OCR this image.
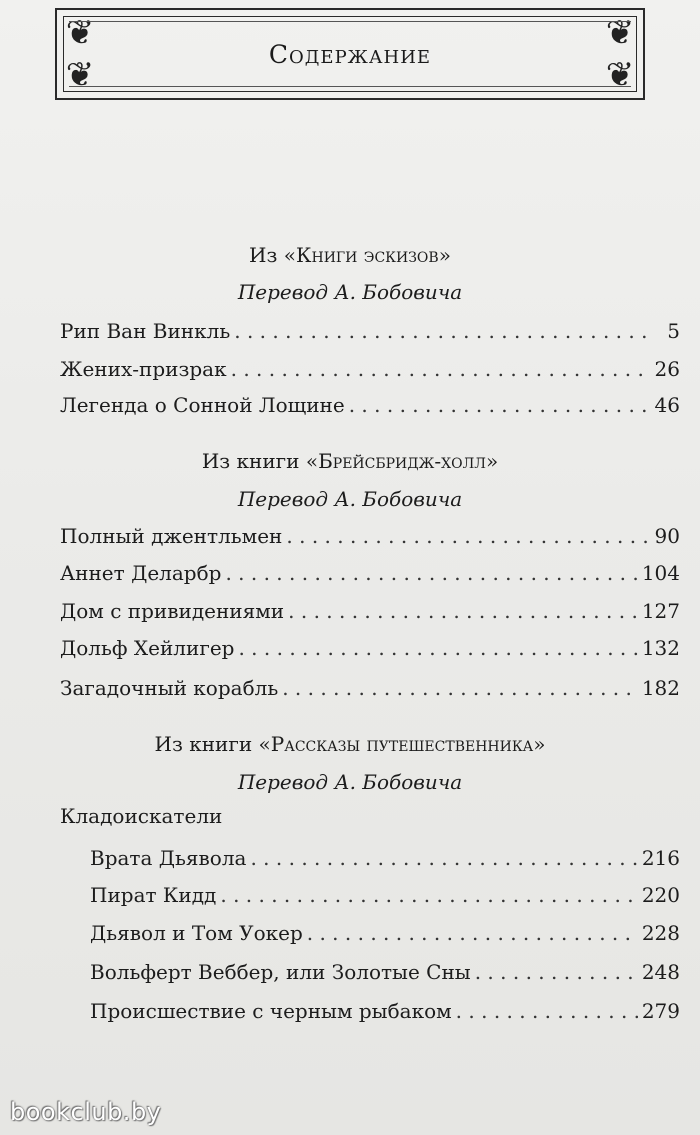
❦	❦
❦	❦
Содержание
Из «Книги эскизов»
Перевод А. Бобовича
Рип Ван Винкль . . .	5
Жених-призрак . . .	26
Легенда о Сонной Лощине . . .	46
Из книги «Брейсбридж-холл»
Перевод А. Бобовича
Полный джентльмен . . .	90
Аннет Деларбр . . .	104
Дом с привидениями . . .	127
Дольф Хейлигер . . .	132
Загадочный корабль . . .	182
Из книги «Рассказы путешественника»
Перевод А. Бобовича
Кладоискатели
Врата Дьявола . . .	216
Пират Кидд . . .	220
Дьявол и Том Уокер . . .	228
Вольферт Веббер, или Золотые Сны . . .	248
Происшествие с черным рыбаком . . .	279
bookclub.by
